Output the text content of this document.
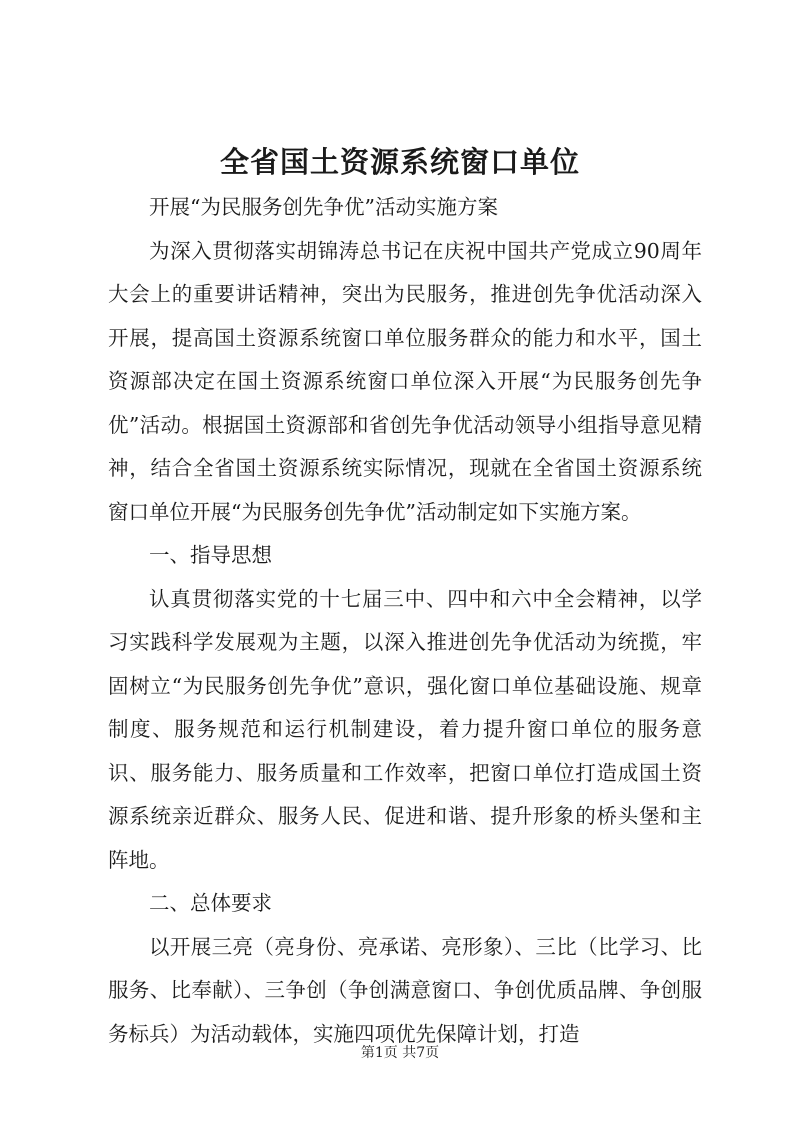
全省国土资源系统窗口单位

开展“为民服务创先争优”活动实施方案

为深入贯彻落实胡锦涛总书记在庆祝中国共产党成立90周年大会上的重要讲话精神，突出为民服务，推进创先争优活动深入开展，提高国土资源系统窗口单位服务群众的能力和水平，国土资源部决定在国土资源系统窗口单位深入开展“为民服务创先争优”活动。根据国土资源部和省创先争优活动领导小组指导意见精神，结合全省国土资源系统实际情况，现就在全省国土资源系统窗口单位开展“为民服务创先争优”活动制定如下实施方案。

一、指导思想

认真贯彻落实党的十七届三中、四中和六中全会精神，以学习实践科学发展观为主题，以深入推进创先争优活动为统揽，牢固树立“为民服务创先争优”意识，强化窗口单位基础设施、规章制度、服务规范和运行机制建设，着力提升窗口单位的服务意识、服务能力、服务质量和工作效率，把窗口单位打造成国土资源系统亲近群众、服务人民、促进和谐、提升形象的桥头堡和主阵地。

二、总体要求

以开展三亮（亮身份、亮承诺、亮形象）、三比（比学习、比服务、比奉献）、三争创（争创满意窗口、争创优质品牌、争创服务标兵）为活动载体，实施四项优先保障计划，打造

第1页 共7页
